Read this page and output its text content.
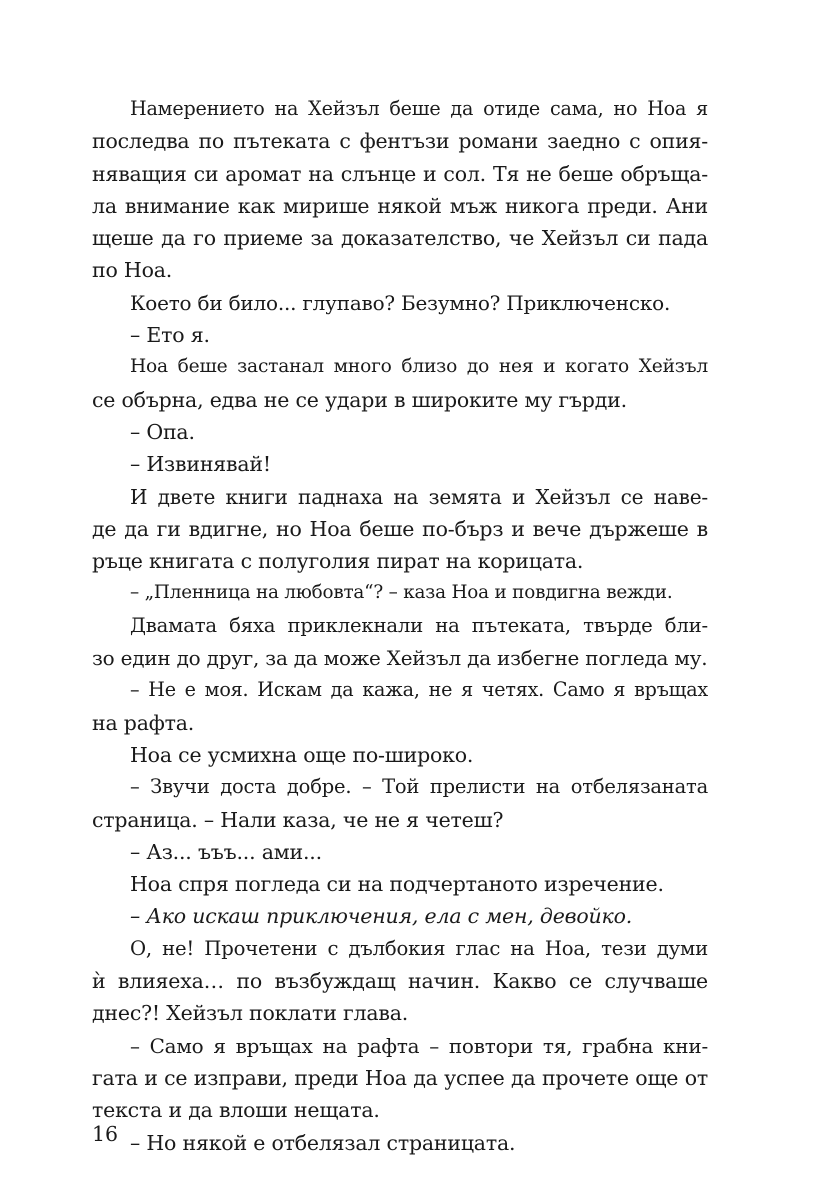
Намерението на Хейзъл беше да отиде сама, но Ноа я
последва по пътеката с фентъзи романи заедно с опия-
няващия си аромат на слънце и сол. Тя не беше обръща-
ла внимание как мирише някой мъж никога преди. Ани
щеше да го приеме за доказателство, че Хейзъл си пада
по Ноа.
Което би било... глупаво? Безумно? Приключенско.
– Ето я.
Ноа беше застанал много близо до нея и когато Хейзъл
се обърна, едва не се удари в широките му гърди.
– Опа.
– Извинявай!
И двете книги паднаха на земята и Хейзъл се наве-
де да ги вдигне, но Ноа беше по-бърз и вече държеше в
ръце книгата с полуголия пират на корицата.
– „Пленница на любовта“? – каза Ноа и повдигна вежди.
Двамата бяха приклекнали на пътеката, твърде бли-
зо един до друг, за да може Хейзъл да избегне погледа му.
– Не е моя. Искам да кажа, не я четях. Само я връщах
на рафта.
Ноа се усмихна още по-широко.
– Звучи доста добре. – Той прелисти на отбелязаната
страница. – Нали каза, че не я четеш?
– Аз... ъъъ... ами...
Ноа спря погледа си на подчертаното изречение.
– Ако искаш приключения, ела с мен, девойко.
О, не! Прочетени с дълбокия глас на Ноа, тези думи
ѝ влияеха… по възбуждащ начин. Какво се случваше
днес?! Хейзъл поклати глава.
– Само я връщах на рафта – повтори тя, грабна кни-
гата и се изправи, преди Ноа да успее да прочете още от
текста и да влоши нещата.
– Но някой е отбелязал страницата.
16
